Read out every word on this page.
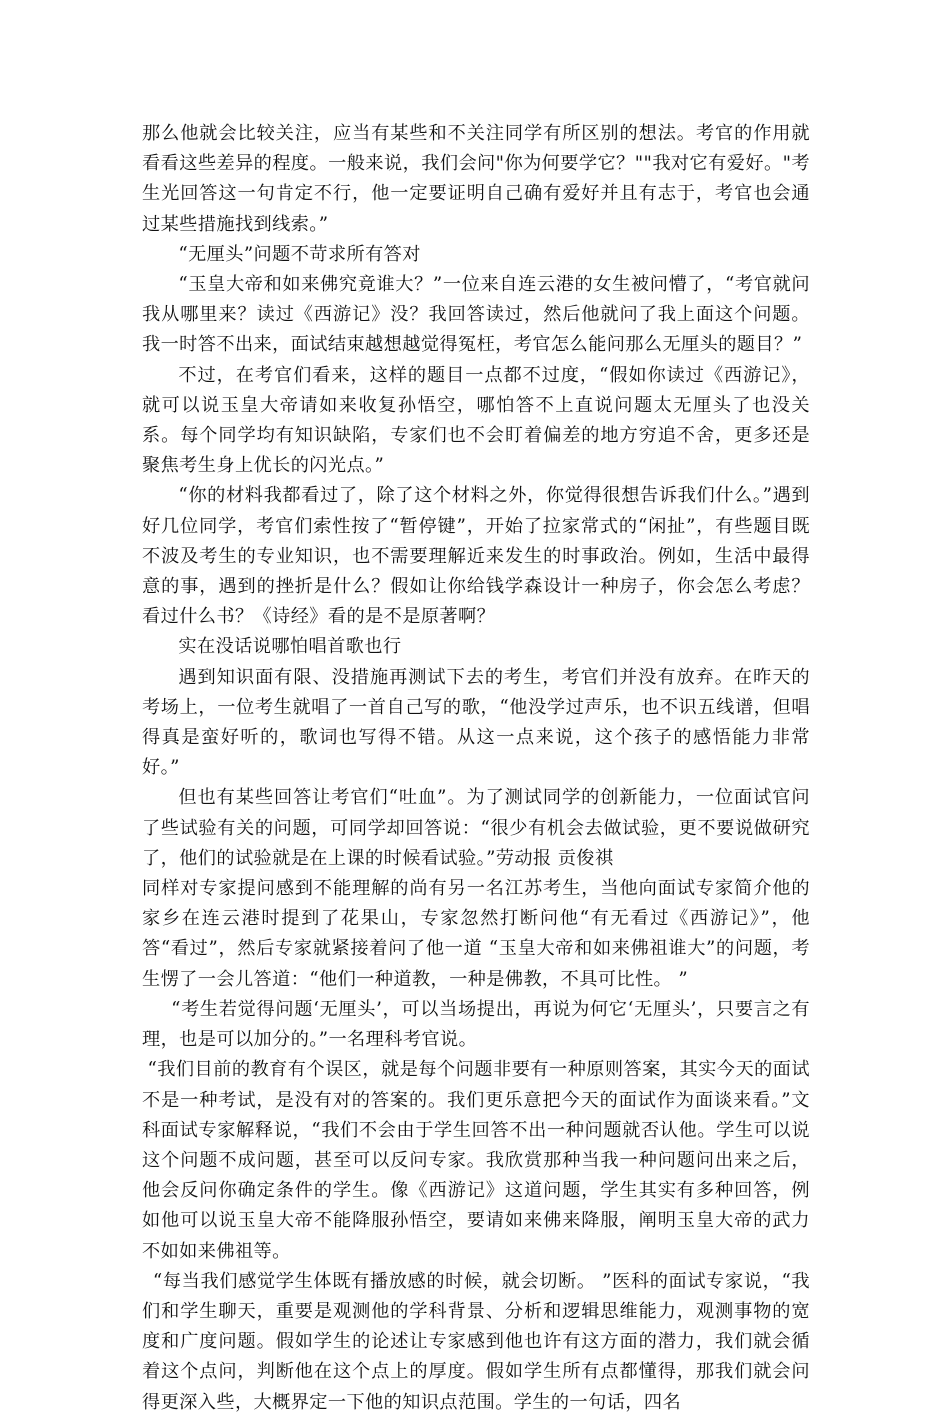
那么他就会比较关注，应当有某些和不关注同学有所区别的想法。考官的作用就看看这些差异的程度。一般来说，我们会问"你为何要学它？""我对它有爱好。"考生光回答这一句肯定不行，他一定要证明自己确有爱好并且有志于，考官也会通过某些措施找到线索。”

“无厘头”问题不苛求所有答对

“玉皇大帝和如来佛究竟谁大？”一位来自连云港的女生被问懵了，“考官就问我从哪里来？读过《西游记》没？我回答读过，然后他就问了我上面这个问题。我一时答不出来，面试结束越想越觉得冤枉，考官怎么能问那么无厘头的题目？”

不过，在考官们看来，这样的题目一点都不过度，“假如你读过《西游记》，就可以说玉皇大帝请如来收复孙悟空，哪怕答不上直说问题太无厘头了也没关系。每个同学均有知识缺陷，专家们也不会盯着偏差的地方穷追不舍，更多还是聚焦考生身上优长的闪光点。”

“你的材料我都看过了，除了这个材料之外，你觉得很想告诉我们什么。”遇到好几位同学，考官们索性按了“暂停键”，开始了拉家常式的“闲扯”，有些题目既不波及考生的专业知识，也不需要理解近来发生的时事政治。例如，生活中最得意的事，遇到的挫折是什么？假如让你给钱学森设计一种房子，你会怎么考虑？看过什么书？《诗经》看的是不是原著啊？

实在没话说哪怕唱首歌也行

遇到知识面有限、没措施再测试下去的考生，考官们并没有放弃。在昨天的考场上，一位考生就唱了一首自己写的歌，“他没学过声乐，也不识五线谱，但唱得真是蛮好听的，歌词也写得不错。从这一点来说，这个孩子的感悟能力非常好。”

但也有某些回答让考官们“吐血”。为了测试同学的创新能力，一位面试官问了些试验有关的问题，可同学却回答说：“很少有机会去做试验，更不要说做研究了，他们的试验就是在上课的时候看试验。”劳动报 贡俊祺

同样对专家提问感到不能理解的尚有另一名江苏考生，当他向面试专家简介他的家乡在连云港时提到了花果山，专家忽然打断问他“有无看过《西游记》”，他答“看过”，然后专家就紧接着问了他一道 “玉皇大帝和如来佛祖谁大”的问题，考生愣了一会儿答道：“他们一种道教，一种是佛教，不具可比性。 ”

“考生若觉得问题‘无厘头’，可以当场提出，再说为何它‘无厘头’，只要言之有理，也是可以加分的。”一名理科考官说。

“我们目前的教育有个误区，就是每个问题非要有一种原则答案，其实今天的面试不是一种考试，是没有对的答案的。我们更乐意把今天的面试作为面谈来看。”文科面试专家解释说，“我们不会由于学生回答不出一种问题就否认他。学生可以说这个问题不成问题，甚至可以反问专家。我欣赏那种当我一种问题问出来之后，他会反问你确定条件的学生。像《西游记》这道问题，学生其实有多种回答，例如他可以说玉皇大帝不能降服孙悟空，要请如来佛来降服，阐明玉皇大帝的武力不如如来佛祖等。

“每当我们感觉学生体既有播放感的时候，就会切断。 ”医科的面试专家说，“我们和学生聊天，重要是观测他的学科背景、分析和逻辑思维能力，观测事物的宽度和广度问题。假如学生的论述让专家感到他也许有这方面的潜力，我们就会循着这个点问，判断他在这个点上的厚度。假如学生所有点都懂得，那我们就会问得更深入些，大概界定一下他的知识点范围。学生的一句话，四名
